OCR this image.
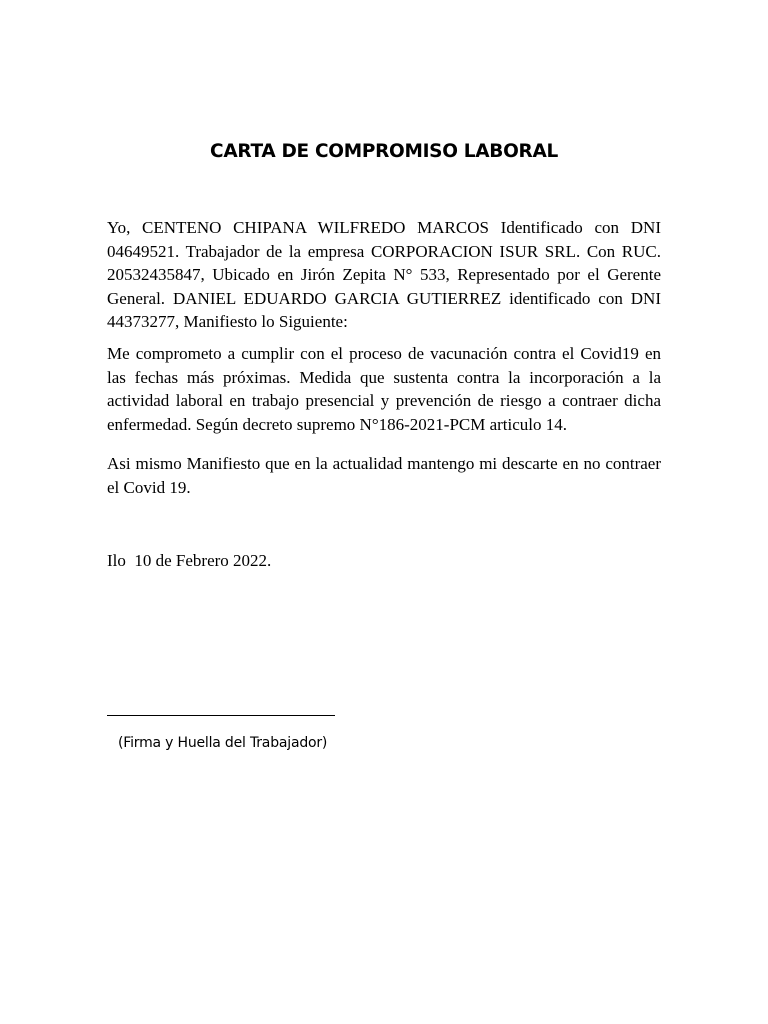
CARTA DE COMPROMISO LABORAL

Yo, CENTENO CHIPANA WILFREDO MARCOS Identificado con DNI 04649521. Trabajador de la empresa CORPORACION ISUR SRL. Con RUC. 20532435847, Ubicado en Jirón Zepita N° 533, Representado por el Gerente General. DANIEL EDUARDO GARCIA GUTIERREZ identificado con DNI 44373277, Manifiesto lo Siguiente:

Me comprometo a cumplir con el proceso de vacunación contra el Covid19 en las fechas más próximas. Medida que sustenta contra la incorporación a la actividad laboral en trabajo presencial y prevención de riesgo a contraer dicha enfermedad. Según decreto supremo N°186-2021-PCM articulo 14.

Asi mismo Manifiesto que en la actualidad mantengo mi descarte en no contraer el Covid 19.

Ilo  10 de Febrero 2022.

(Firma y Huella del Trabajador)
